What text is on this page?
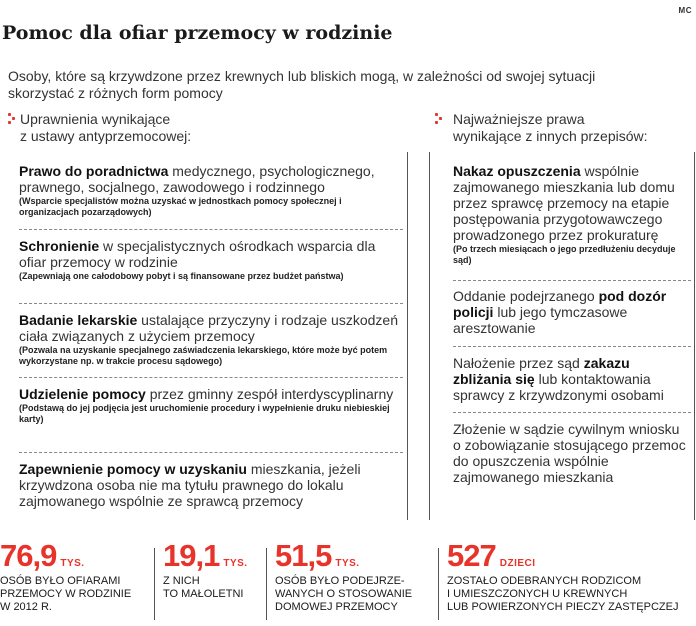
MC
Pomoc dla ofiar przemocy w rodzinie
Osoby, które są krzywdzone przez krewnych lub bliskich mogą, w zależności od swojej sytuacji skorzystać z różnych form pomocy
Uprawnienia wynikające
z ustawy antyprzemocowej:
Najważniejsze prawa
wynikające z innych przepisów:
Prawo do poradnictwa medycznego, psychologicznego, prawnego, socjalnego, zawodowego i rodzinnego
(Wsparcie specjalistów można uzyskać w jednostkach pomocy społecznej i organizacjach pozarządowych)
Schronienie w specjalistycznych ośrodkach wsparcia dla ofiar przemocy w rodzinie
(Zapewniają one całodobowy pobyt i są finansowane przez budżet państwa)
Badanie lekarskie ustalające przyczyny i rodzaje uszkodzeń ciała związanych z użyciem przemocy
(Pozwala na uzyskanie specjalnego zaświadczenia lekarskiego, które może być potem wykorzystane np. w trakcie procesu sądowego)
Udzielenie pomocy przez gminny zespół interdyscyplinarny
(Podstawą do jej podjęcia jest uruchomienie procedury i wypełnienie druku niebieskiej karty)
Zapewnienie pomocy w uzyskaniu mieszkania, jeżeli krzywdzona osoba nie ma tytułu prawnego do lokalu zajmowanego wspólnie ze sprawcą przemocy
Nakaz opuszczenia wspólnie zajmowanego mieszkania lub domu przez sprawcę przemocy na etapie postępowania przygotowawczego prowadzonego przez prokuraturę
(Po trzech miesiącach o jego przedłużeniu decyduje sąd)
Oddanie podejrzanego pod dozór policji lub jego tymczasowe aresztowanie
Nałożenie przez sąd zakazu zbliżania się lub kontaktowania sprawcy z krzywdzonymi osobami
Złożenie w sądzie cywilnym wniosku o zobowiązanie stosującego przemoc do opuszczenia wspólnie zajmowanego mieszkania
76,9 TYS.
OSÓB BYŁO OFIARAMI
PRZEMOCY W RODZINIE
W 2012 R.
19,1 TYS.
Z NICH
TO MAŁOLETNI
51,5 TYS.
OSÓB BYŁO PODEJRZE-
WANYCH O STOSOWANIE
DOMOWEJ PRZEMOCY
527 DZIECI
ZOSTAŁO ODEBRANYCH RODZICOM
I UMIESZCZONYCH U KREWNYCH
LUB POWIERZONYCH PIECZY ZASTĘPCZEJ
